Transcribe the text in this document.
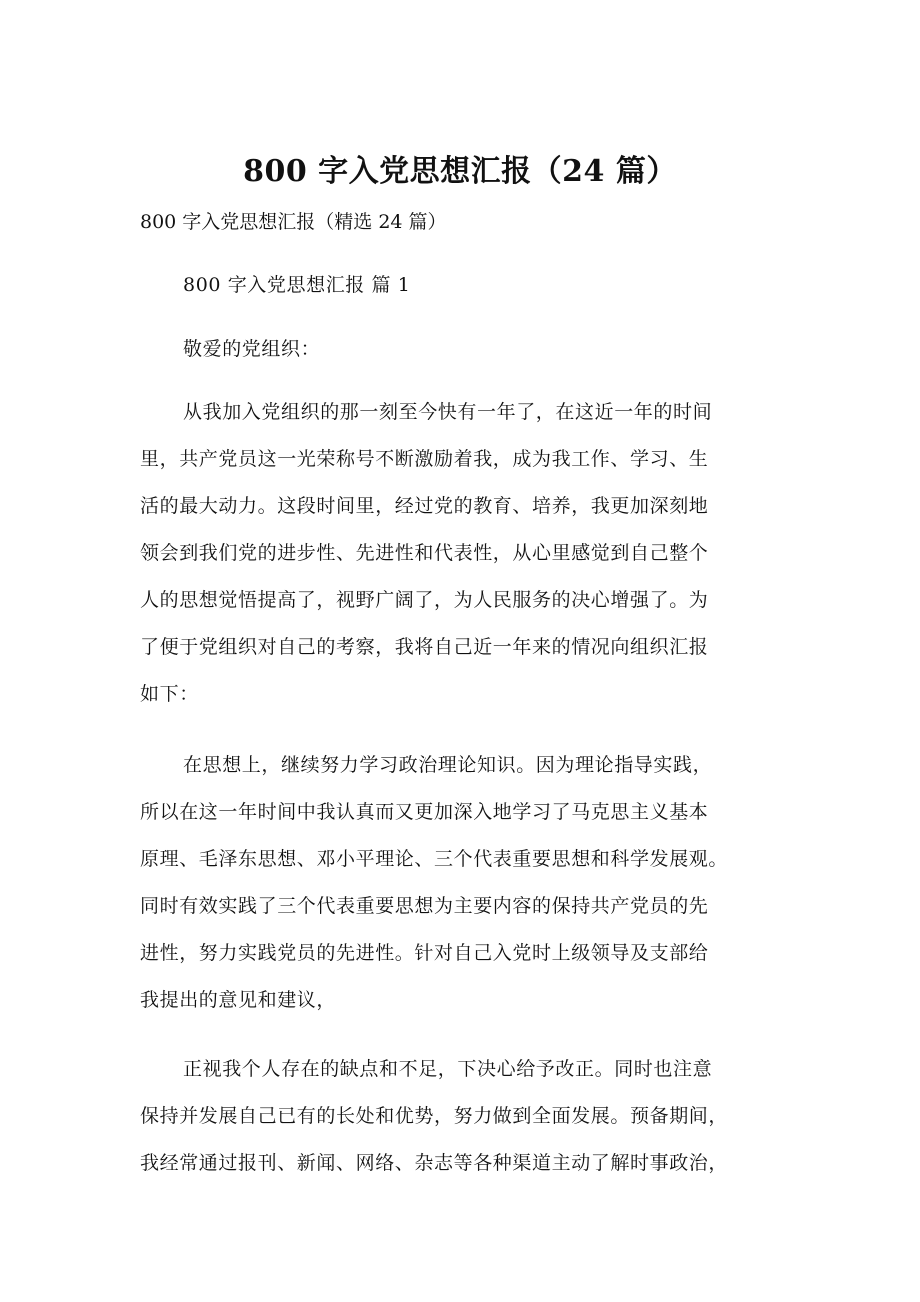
800 字入党思想汇报（24 篇）
800 字入党思想汇报（精选 24 篇）
800 字入党思想汇报 篇 1
敬爱的党组织：
从我加入党组织的那一刻至今快有一年了，在这近一年的时间
里，共产党员这一光荣称号不断激励着我，成为我工作、学习、生
活的最大动力。这段时间里，经过党的教育、培养，我更加深刻地
领会到我们党的进步性、先进性和代表性，从心里感觉到自己整个
人的思想觉悟提高了，视野广阔了，为人民服务的决心增强了。为
了便于党组织对自己的考察，我将自己近一年来的情况向组织汇报
如下：
在思想上，继续努力学习政治理论知识。因为理论指导实践，
所以在这一年时间中我认真而又更加深入地学习了马克思主义基本
原理、毛泽东思想、邓小平理论、三个代表重要思想和科学发展观。
同时有效实践了三个代表重要思想为主要内容的保持共产党员的先
进性，努力实践党员的先进性。针对自己入党时上级领导及支部给
我提出的意见和建议，
正视我个人存在的缺点和不足，下决心给予改正。同时也注意
保持并发展自己已有的长处和优势，努力做到全面发展。预备期间，
我经常通过报刊、新闻、网络、杂志等各种渠道主动了解时事政治，
